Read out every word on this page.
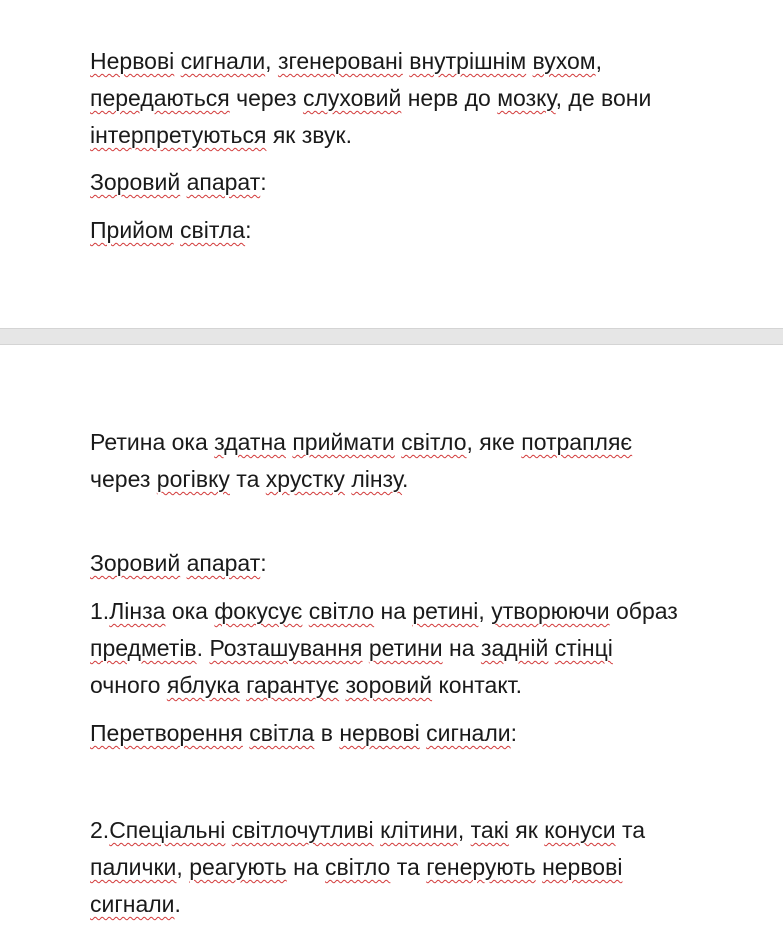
Нервові сигнали, згенеровані внутрішнім вухом,
передаються через слуховий нерв до мозку, де вони
інтерпретуються як звук.

Зоровий апарат:

Прийом світла:

Ретина ока здатна приймати світло, яке потрапляє
через рогівку та хрустку лінзу.

Зоровий апарат:

1.Лінза ока фокусує світло на ретині, утворюючи образ
предметів. Розташування ретини на задній стінці
очного яблука гарантує зоровий контакт.

Перетворення світла в нервові сигнали:

2.Спеціальні світлочутливі клітини, такі як конуси та
палички, реагують на світло та генерують нервові
сигнали.
